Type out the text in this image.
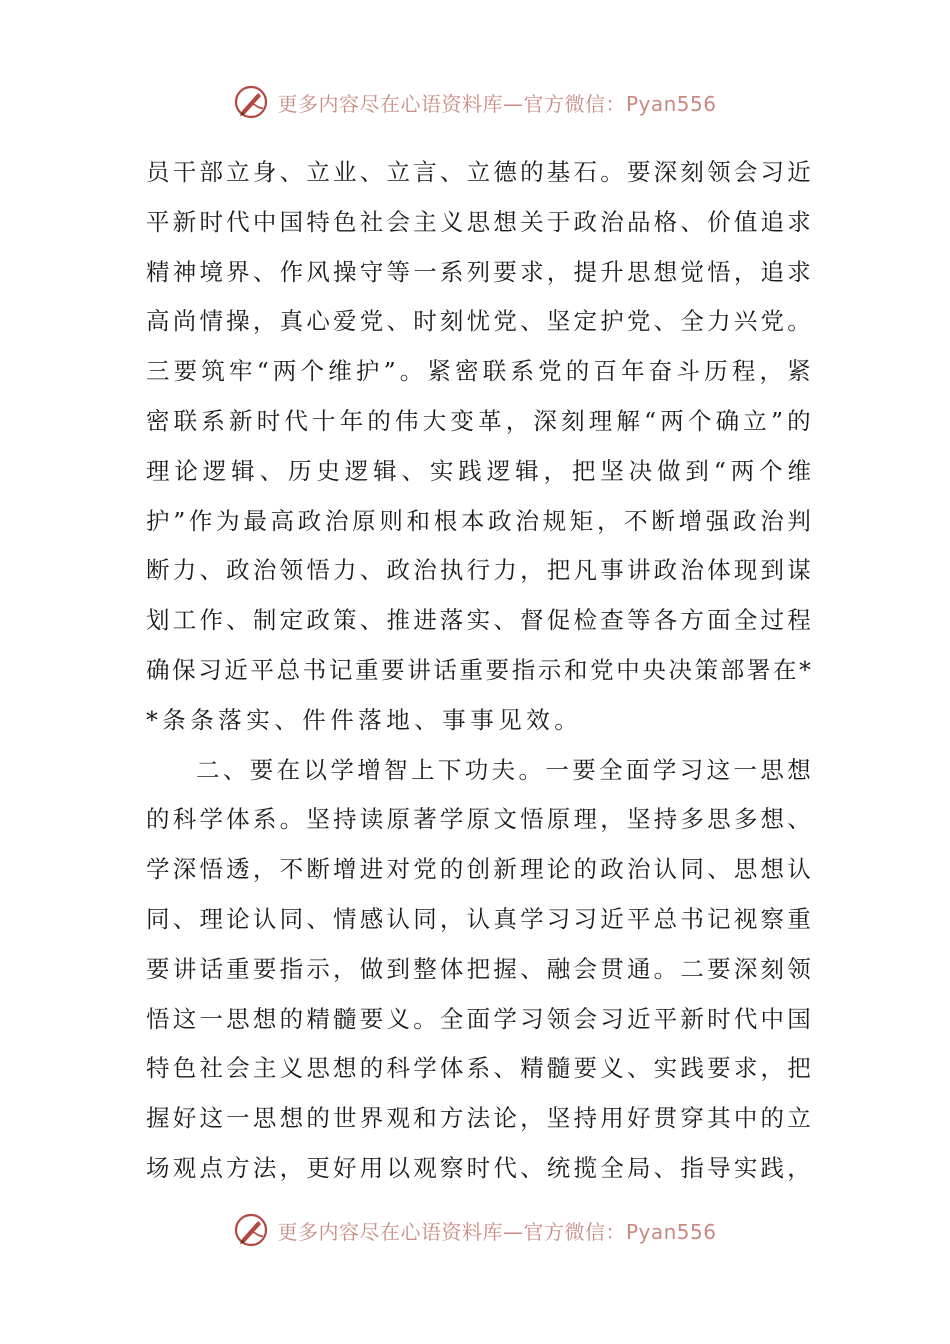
更多内容尽在心语资料库—官方微信：Pyan556
员 干 部 立 身 、 立 业 、 立 言 、 立 德 的 基 石 。 要 深 刻 领 会 习 近
平 新 时 代 中 国 特 色 社 会 主 义 思 想 关 于 政 治 品 格 、 价 值 追 求
精 神 境 界 、 作 风 操 守 等 一 系 列 要 求 ， 提 升 思 想 觉 悟 ， 追 求
高 尚 情 操 ， 真 心 爱 党 、 时 刻 忧 党 、 坚 定 护 党 、 全 力 兴 党 。
三 要 筑 牢 “ 两 个 维 护 ” 。 紧 密 联 系 党 的 百 年 奋 斗 历 程 ， 紧
密 联 系 新 时 代 十 年 的 伟 大 变 革 ， 深 刻 理 解 “ 两 个 确 立 ” 的
理 论 逻 辑 、 历 史 逻 辑 、 实 践 逻 辑 ， 把 坚 决 做 到 “ 两 个 维
护 ” 作 为 最 高 政 治 原 则 和 根 本 政 治 规 矩 ， 不 断 增 强 政 治 判
断 力 、 政 治 领 悟 力 、 政 治 执 行 力 ， 把 凡 事 讲 政 治 体 现 到 谋
划 工 作 、 制 定 政 策 、 推 进 落 实 、 督 促 检 查 等 各 方 面 全 过 程
确 保 习 近 平 总 书 记 重 要 讲 话 重 要 指 示 和 党 中 央 决 策 部 署 在 *
* 条 条 落 实 、 件 件 落 地 、 事 事 见 效 。
二 、 要 在 以 学 增 智 上 下 功 夫 。 一 要 全 面 学 习 这 一 思 想
的 科 学 体 系 。 坚 持 读 原 著 学 原 文 悟 原 理 ， 坚 持 多 思 多 想 、
学 深 悟 透 ， 不 断 增 进 对 党 的 创 新 理 论 的 政 治 认 同 、 思 想 认
同 、 理 论 认 同 、 情 感 认 同 ， 认 真 学 习 习 近 平 总 书 记 视 察 重
要 讲 话 重 要 指 示 ， 做 到 整 体 把 握 、 融 会 贯 通 。 二 要 深 刻 领
悟 这 一 思 想 的 精 髓 要 义 。 全 面 学 习 领 会 习 近 平 新 时 代 中 国
特 色 社 会 主 义 思 想 的 科 学 体 系 、 精 髓 要 义 、 实 践 要 求 ， 把
握 好 这 一 思 想 的 世 界 观 和 方 法 论 ， 坚 持 用 好 贯 穿 其 中 的 立
场 观 点 方 法 ， 更 好 用 以 观 察 时 代 、 统 揽 全 局 、 指 导 实 践 ，
更多内容尽在心语资料库—官方微信：Pyan556
